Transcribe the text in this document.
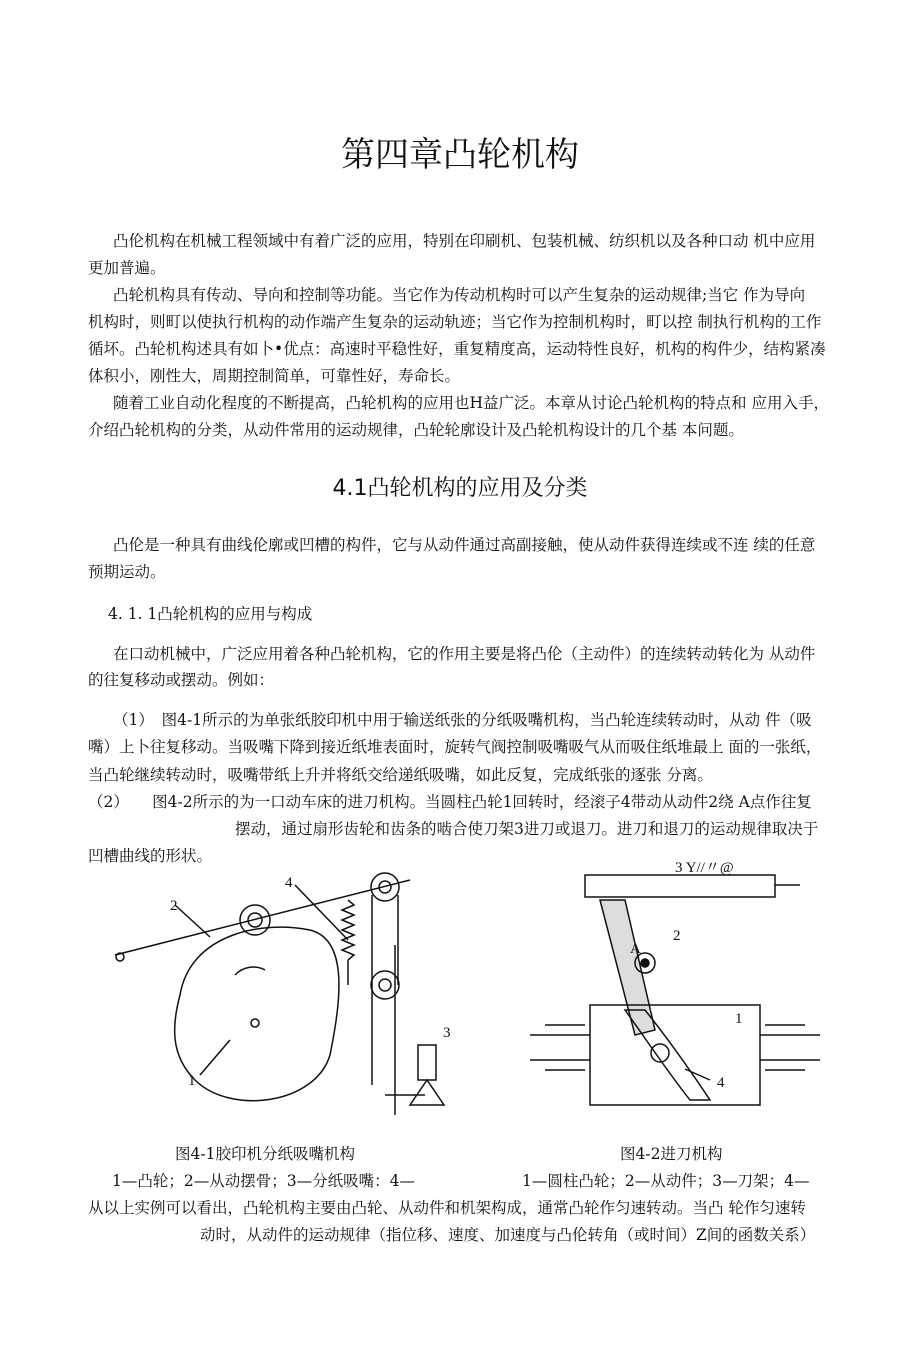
第四章凸轮机构
凸伦机构在机械工程领域中有着广泛的应用，特别在印刷机、包装机械、纺织机以及各种口动 机中应用
更加普遍。
凸轮机构具有传动、导向和控制等功能。当它作为传动机构时可以产生复杂的运动规律;当它 作为导向
机构时，则町以使执行机构的动作端产生复杂的运动轨迹；当它作为控制机构时，町以控 制执行机构的工作
循坏。凸轮机构述具有如卜•优点：高速时平稳性好，重复精度高，运动特性良好，机构的构件少，结构紧凑
体积小，刚性大，周期控制简单，可靠性好，寿命长。
随着工业自动化程度的不断提高，凸轮机构的应用也H益广泛。本章从讨论凸轮机构的特点和 应用入手，
介绍凸轮机构的分类，从动件常用的运动规律，凸轮轮廓设计及凸轮机构设计的几个基 本问题。
4.1凸轮机构的应用及分类
凸伦是一种具有曲线伦廓或凹槽的构件，它与从动件通过高副接触，使从动件获得连续或不连 续的任意
预期运动。
4. 1. 1凸轮机构的应用与构成
在口动机械中，广泛应用着各种凸轮机构，它的作用主要是将凸伦（主动件）的连续转动转化为 从动件
的往复移动或摆动。例如：
（1）　图4-1所示的为单张纸胶印机中用于输送纸张的分纸吸嘴机构，当凸轮连续转动时，从动 件（吸
嘴）上卜往复移动。当吸嘴下降到接近纸堆表面时，旋转气阀控制吸嘴吸气从而吸住纸堆最上 面的一张纸，
当凸轮继续转动时，吸嘴带纸上升并将纸交给递纸吸嘴，如此反复，完成纸张的逐张 分离。
（2）　　图4-2所示的为一口动车床的进刀机构。当圆柱凸轮1回转时，经滚子4带动从动件2绕 A点作往复
摆动，通过扇形齿轮和齿条的啮合使刀架3进刀或退刀。进刀和退刀的运动规律取决于
凹槽曲线的形状。
2
4
3
1
3 Y//〃@
2
A
1
4
图4-1胶印机分纸吸嘴机构	图4-2进刀机构
1—凸轮；2—从动摆骨；3—分纸吸嘴：4—	1—圆柱凸轮；2—从动件；3—刀架；4—
从以上实例可以看出，凸轮机构主要由凸轮、从动件和机架构成，通常凸轮作匀速转动。当凸 轮作匀速转
动时，从动件的运动规律（指位移、速度、加速度与凸伦转角（或时间）Z间的函数关系）
